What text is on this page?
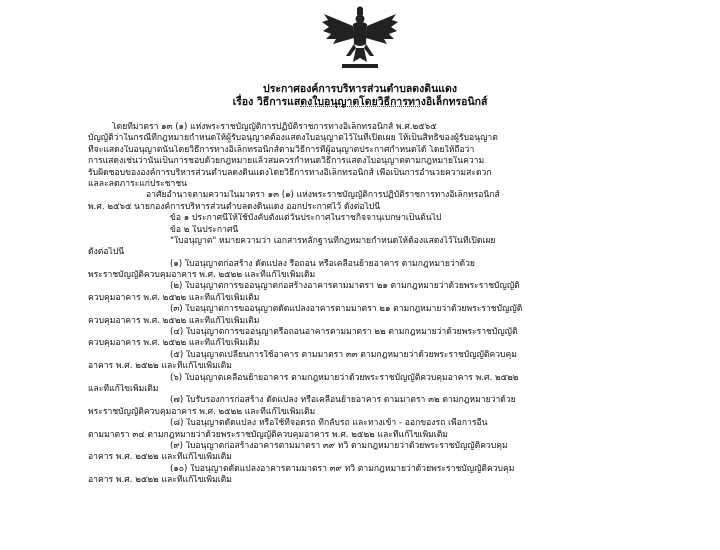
ประกาศองค์การบริหารส่วนตำบลดงดินแดง
เรื่อง วิธีการแสดงใบอนุญาตโดยวิธีการทางอิเล็กทรอนิกส์
โดยที่มาตรา ๑๓ (๑) แห่งพระราชบัญญัติการปฏิบัติราชการทางอิเล็กทรอนิกส์ พ.ศ.๒๕๖๕
บัญญัติว่าในกรณีที่กฎหมายกำหนดให้ผู้รับอนุญาตต้องแสดงใบอนุญาตไว้ในที่เปิดเผย ให้เป็นสิทธิของผู้รับอนุญาต
ที่จะแสดงใบอนุญาตนั้นโดยวิธีการทางอิเล็กทรอนิกส์ตามวิธีการที่ผู้อนุญาตประกาศกำหนดได้ โดยให้ถือว่า
การแสดงเช่นว่านั้นเป็นการชอบด้วยกฎหมายแล้วสมควรกำหนดวิธีการแสดงใบอนุญาตตามกฎหมายในความ
รับผิดชอบขององค์การบริหารส่วนตำบลดงดินแดงโดยวิธีการทางอิเล็กทรอนิกส์ เพื่อเป็นการอำนวยความสะดวก
แลละลดภาระแก่ประชาชน
อาศัยอำนาจตามความในมาตรา ๑๓ (๑) แห่งพระราชบัญญัติการปฏิบัติราชการทางอิเล็กทรอนิกส์
พ.ศ. ๒๕๖๕ นายกองค์การบริหารส่วนตำบลดงดินแดง ออกประกาศไว้ ดังต่อไปนี้
ข้อ ๑ ประกาศนี้ให้ใช้บังคับตั้งแต่วันประกาศในราชกิจจานุเบกษาเป็นต้นไป
ข้อ ๒ ในประกาศนี้
"ใบอนุญาต" หมายความว่า เอกสารหลักฐานที่กฎหมายกำหนดให้ต้องแสดงไว้ในที่เปิดเผย
ดังต่อไปนี้
(๑) ใบอนุญาตก่อสร้าง ดัดแปลง รื้อถอน หรือเคลื่อนย้ายอาคาร ตามกฎหมายว่าด้วย
พระราชบัญญัติควบคุมอาคาร พ.ศ. ๒๕๒๒ และที่แก้ไขเพิ่มเติม
(๒) ใบอนุญาตการขออนุญาตก่อสร้างอาคารตามมาตรา ๒๑ ตามกฎหมายว่าด้วยพระราชบัญญัติ
ควบคุมอาคาร พ.ศ. ๒๕๒๒ และที่แก้ไขเพิ่มเติม
(๓) ใบอนุญาตการขออนุญาตดัดแปลงอาคารตามมาตรา ๒๑ ตามกฎหมายว่าด้วยพระราชบัญญัติ
ควบคุมอาคาร พ.ศ. ๒๕๒๒ และที่แก้ไขเพิ่มเติม
(๔) ใบอนุญาตการขออนุญาตรื้อถอนอาคารตามมาตรา ๒๒ ตามกฎหมายว่าด้วยพระราชบัญญัติ
ควบคุมอาคาร พ.ศ. ๒๕๒๒ และที่แก้ไขเพิ่มเติม
(๕) ใบอนุญาตเปลี่ยนการใช้อาคาร ตามมาตรา ๓๓ ตามกฎหมายว่าด้วยพระราชบัญญัติควบคุม
อาคาร พ.ศ. ๒๕๒๒ และที่แก้ไขเพิ่มเติม
(๖) ใบอนุญาตเคลื่อนย้ายอาคาร ตามกฎหมายว่าด้วยพระราชบัญญัติควบคุมอาคาร พ.ศ. ๒๕๒๒
และที่แก้ไขเพิ่มเติม
(๗) ใบรับรองการก่อสร้าง ดัดแปลง หรือเคลื่อนย้ายอาคาร ตามมาตรา ๓๒ ตามกฎหมายว่าด้วย
พระราชบัญญัติควบคุมอาคาร พ.ศ. ๒๕๒๒ และที่แก้ไขเพิ่มเติม
(๘) ใบอนุญาตดัดแปลง หรือใช้ที่จอดรถ ที่กลับรถ และทางเข้า - ออกของรถ เพื่อการอื่น
ตามมาตรา ๓๔ ตามกฎหมายว่าด้วยพระราชบัญญัติควบคุมอาคาร พ.ศ. ๒๕๒๒ และที่แก้ไขเพิ่มเติม
(๙) ใบอนุญาตก่อสร้างอาคารตามมาตรา ๓๙ ทวิ ตามกฎหมายว่าด้วยพระราชบัญญัติควบคุม
อาคาร พ.ศ. ๒๕๒๒ และที่แก้ไขเพิ่มเติม
(๑๐) ใบอนุญาตดัดแปลงอาคารตามมาตรา ๓๙ ทวิ ตามกฎหมายว่าด้วยพระราชบัญญัติควบคุม
อาคาร พ.ศ. ๒๕๒๒ และที่แก้ไขเพิ่มเติม
